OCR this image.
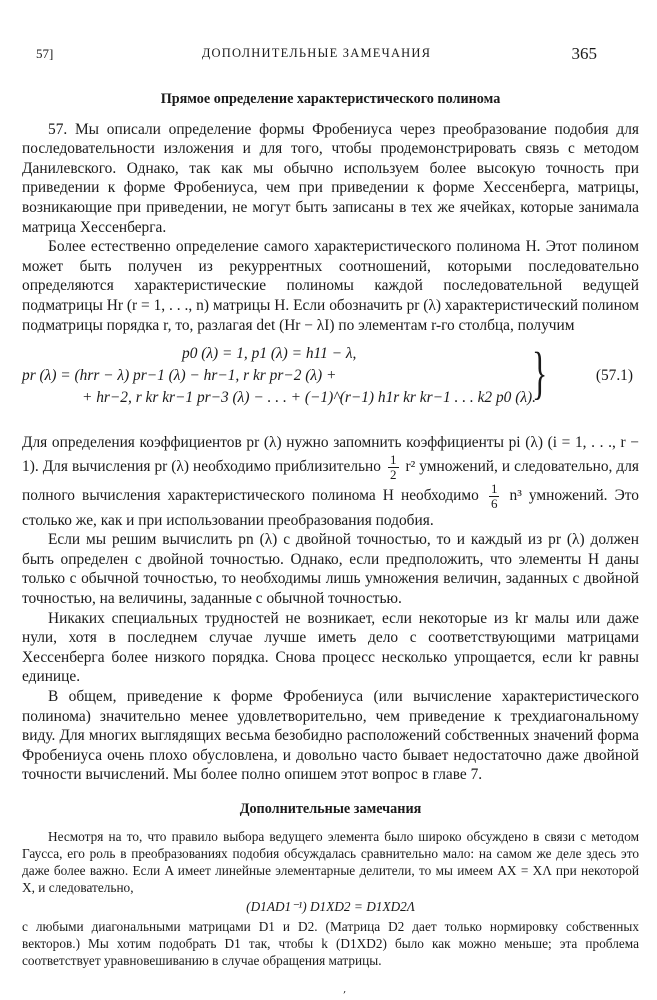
57]	ДОПОЛНИТЕЛЬНЫЕ ЗАМЕЧАНИЯ	365
Прямое определение характеристического полинома

57. Мы описали определение формы Фробениуса через преобразование подобия для последовательности изложения и для того, чтобы продемонстрировать связь с методом Данилевского. Однако, так как мы обычно используем более высокую точность при приведении к форме Фробениуса, чем при приведении к форме Хессенберга, матрицы, возникающие при приведении, не могут быть записаны в тех же ячейках, которые занимала матрица Хессенберга.

Более естественно определение самого характеристического полинома H. Этот полином может быть получен из рекуррентных соотношений, которыми последовательно определяются характеристические полиномы каждой последовательной ведущей подматрицы Hr (r = 1, . . ., n) матрицы H. Если обозначить pr (λ) характеристический полином подматрицы порядка r, то, разлагая det (Hr − λI) по элементам r-го столбца, получим

p0 (λ) = 1, p1 (λ) = h11 − λ,
pr (λ) = (hrr − λ) pr−1 (λ) − hr−1, r kr pr−2 (λ) +
+ hr−2, r kr kr−1 pr−3 (λ) − . . . + (−1)^(r−1) h1r kr kr−1 . . . k2 p0 (λ).
}	(57.1)

Для определения коэффициентов pr (λ) нужно запомнить коэффициенты pi (λ) (i = 1, . . ., r − 1). Для вычисления pr (λ) необходимо приблизительно $\frac{1}{2} r^2$ умножений, и следовательно, для полного вычисления характеристического полинома H необходимо $\frac{1}{6} n^3$ умножений. Это столько же, как и при использовании преобразования подобия.

Если мы решим вычислить pn (λ) с двойной точностью, то и каждый из pr (λ) должен быть определен с двойной точностью. Однако, если предположить, что элементы H даны только с обычной точностью, то необходимы лишь умножения величин, заданных с двойной точностью, на величины, заданные с обычной точностью.

Никаких специальных трудностей не возникает, если некоторые из kr малы или даже нули, хотя в последнем случае лучше иметь дело с соответствующими матрицами Хессенберга более низкого порядка. Снова процесс несколько упрощается, если kr равны единице.

В общем, приведение к форме Фробениуса (или вычисление характеристического полинома) значительно менее удовлетворительно, чем приведение к трехдиагональному виду. Для многих выглядящих весьма безобидно расположений собственных значений форма Фробениуса очень плохо обусловлена, и довольно часто бывает недостаточно даже двойной точности вычислений. Мы более полно опишем этот вопрос в главе 7.

Дополнительные замечания

Несмотря на то, что правило выбора ведущего элемента было широко обсуждено в связи с методом Гаусса, его роль в преобразованиях подобия обсуждалась сравнительно мало: на самом же деле здесь это даже более важно. Если A имеет линейные элементарные делители, то мы имеем AX = XΛ при некоторой X, и следовательно,

(D1AD1⁻¹) D1XD2 = D1XD2Λ

с любыми диагональными матрицами D1 и D2. (Матрица D2 дает только нормировку собственных векторов.) Мы хотим подобрать D1 так, чтобы k (D1XD2) было как можно меньше; эта проблема соответствует уравновешиванию в случае обращения матрицы.

‚
